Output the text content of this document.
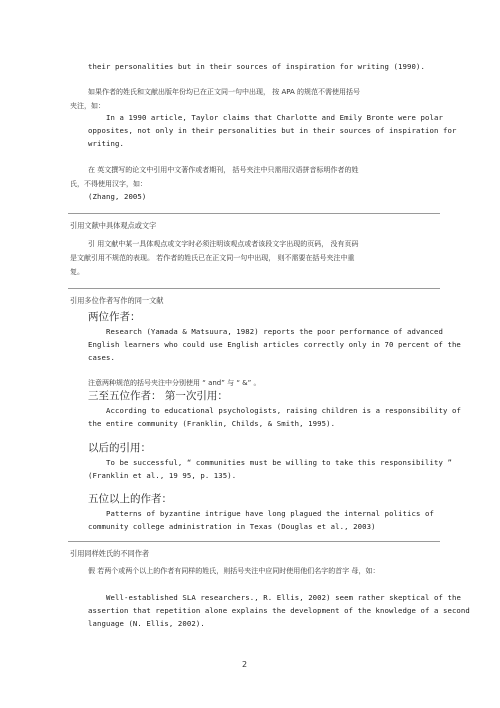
their personalities but in their sources of inspiration for writing (1990).
如果作者的姓氏和文献出版年份均已在正文同一句中出现， 按 APA 的规范不需使用括号
夹注，如：
In a 1990 article, Taylor claims that Charlotte and Emily Bronte were polar
opposites, not only in their personalities but in their sources of inspiration for
writing.
在 英文撰写的论文中引用中文著作或者期刊， 括号夹注中只需用汉语拼音标明作者的姓
氏，不得使用汉字，如：
(Zhang, 2005)
引用文献中具体观点或文字
引 用文献中某一具体观点或文字时必须注明该观点或者该段文字出现的页码， 没有页码
是文献引用不规范的表现。 若作者的姓氏已在正文同一句中出现， 则不需要在括号夹注中重
复。
引用多位作者写作的同一文献
两位作者：
Research (Yamada & Matsuura, 1982) reports the poor performance of advanced
English learners who could use English articles correctly only in 70 percent of the
cases.
注意两种规范的括号夹注中分别使用 “ and” 与 “ &” 。
三至五位作者： 第一次引用：
According to educational psychologists, raising children is a responsibility of
the entire community (Franklin, Childs, & Smith, 1995).
以后的引用：
To be successful, “ communities must be willing to take this responsibility ”
(Franklin et al., 19 95, p. 135).
五位以上的作者：
Patterns of byzantine intrigue have long plagued the internal politics of
community college administration in Texas (Douglas et al., 2003)
引用同样姓氏的不同作者
假 若两个或两个以上的作者有同样的姓氏，则括号夹注中应同时使用他们名字的首字 母，如：
Well-established SLA researchers., R. Ellis, 2002) seem rather skeptical of the
assertion that repetition alone explains the development of the knowledge of a second
language (N. Ellis, 2002).
2
